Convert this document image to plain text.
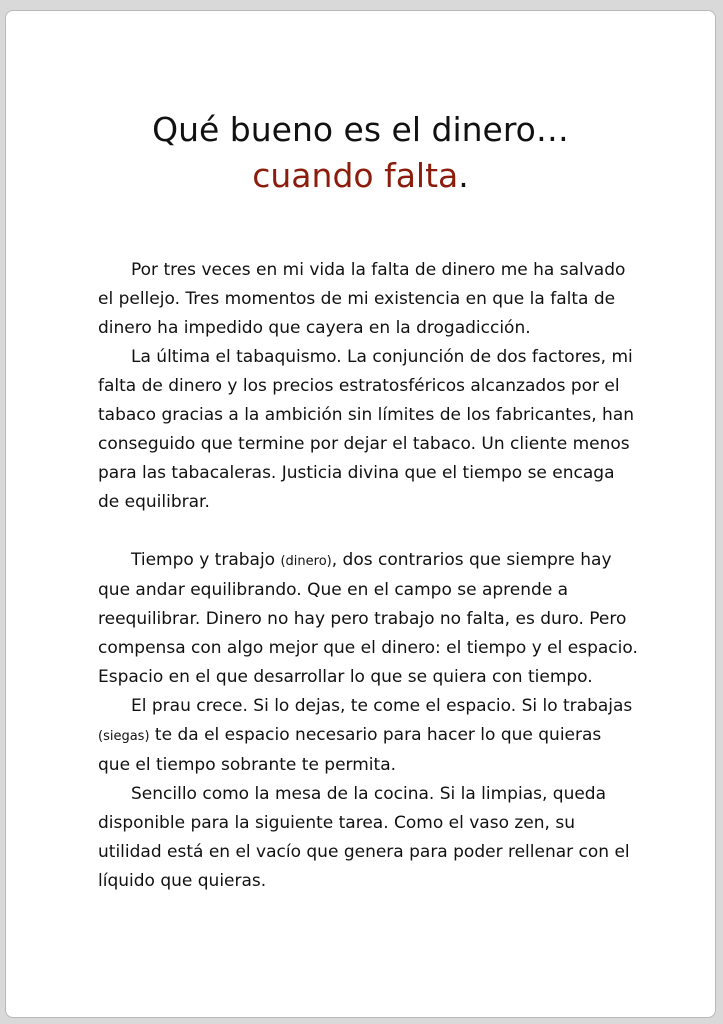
Qué bueno es el dinero…
cuando falta.

Por tres veces en mi vida la falta de dinero me ha salvado el pellejo. Tres momentos de mi existencia en que la falta de dinero ha impedido que cayera en la drogadicción.

La última el tabaquismo. La conjunción de dos factores, mi falta de dinero y los precios estratosféricos alcanzados por el tabaco gracias a la ambición sin límites de los fabricantes, han conseguido que termine por dejar el tabaco. Un cliente menos para las tabacaleras. Justicia divina que el tiempo se encaga de equilibrar.

Tiempo y trabajo (dinero), dos contrarios que siempre hay que andar equilibrando. Que en el campo se aprende a reequilibrar. Dinero no hay pero trabajo no falta, es duro. Pero compensa con algo mejor que el dinero: el tiempo y el espacio. Espacio en el que desarrollar lo que se quiera con tiempo.

El prau crece. Si lo dejas, te come el espacio. Si lo trabajas (siegas) te da el espacio necesario para hacer lo que quieras que el tiempo sobrante te permita.

Sencillo como la mesa de la cocina. Si la limpias, queda disponible para la siguiente tarea. Como el vaso zen, su utilidad está en el vacío que genera para poder rellenar con el líquido que quieras.
